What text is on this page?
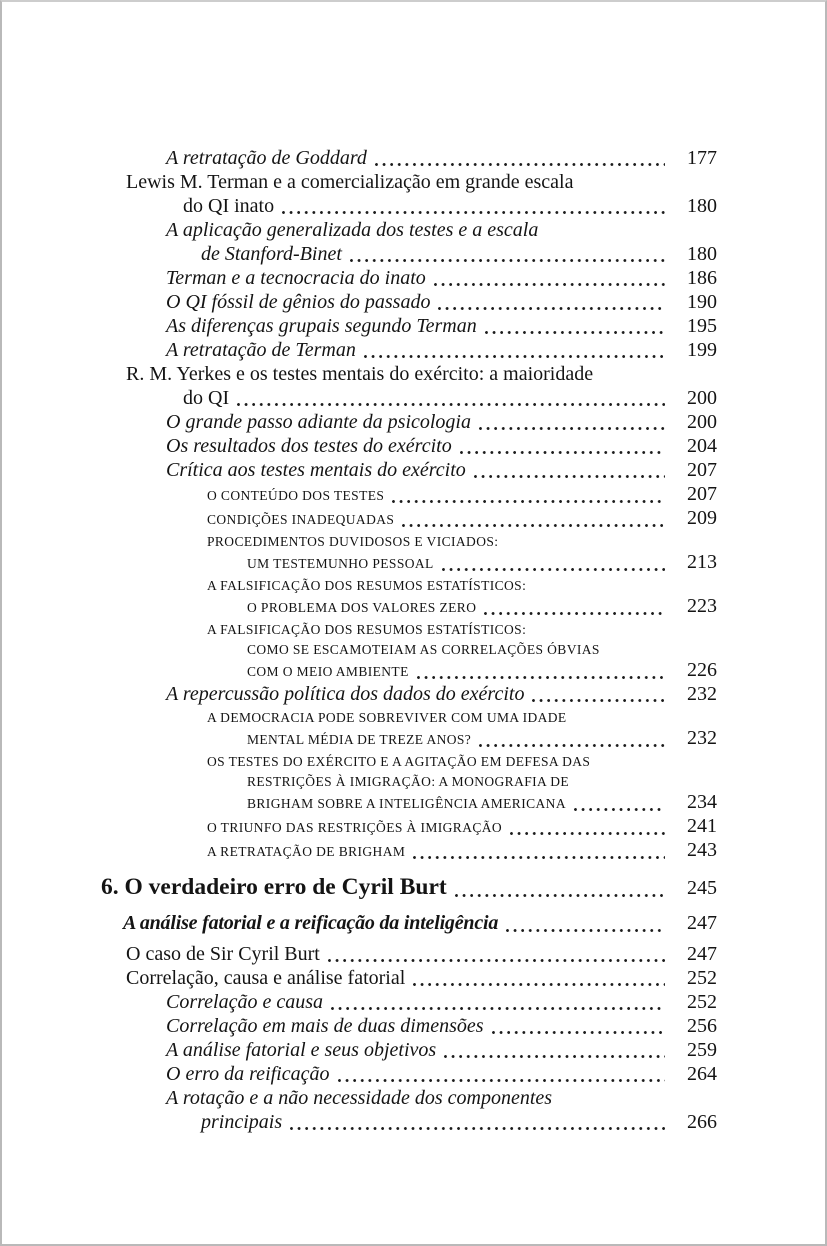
A retratação de Goddard	177
Lewis M. Terman e a comercialização em grande escala
do QI inato	180
A aplicação generalizada dos testes e a escala
de Stanford-Binet	180
Terman e a tecnocracia do inato	186
O QI fóssil de gênios do passado	190
As diferenças grupais segundo Terman	195
A retratação de Terman	199
R. M. Yerkes e os testes mentais do exército: a maioridade
do QI	200
O grande passo adiante da psicologia	200
Os resultados dos testes do exército	204
Crítica aos testes mentais do exército	207
O CONTEÚDO DOS TESTES	207
CONDIÇÕES INADEQUADAS	209
PROCEDIMENTOS DUVIDOSOS E VICIADOS:
UM TESTEMUNHO PESSOAL	213
A FALSIFICAÇÃO DOS RESUMOS ESTATÍSTICOS:
O PROBLEMA DOS VALORES ZERO	223
A FALSIFICAÇÃO DOS RESUMOS ESTATÍSTICOS:
COMO SE ESCAMOTEIAM AS CORRELAÇÕES ÓBVIAS
COM O MEIO AMBIENTE	226
A repercussão política dos dados do exército	232
A DEMOCRACIA PODE SOBREVIVER COM UMA IDADE
MENTAL MÉDIA DE TREZE ANOS?	232
OS TESTES DO EXÉRCITO E A AGITAÇÃO EM DEFESA DAS
RESTRIÇÕES À IMIGRAÇÃO: A MONOGRAFIA DE
BRIGHAM SOBRE A INTELIGÊNCIA AMERICANA	234
O TRIUNFO DAS RESTRIÇÕES À IMIGRAÇÃO	241
A RETRATAÇÃO DE BRIGHAM	243
6. O verdadeiro erro de Cyril Burt	245
A análise fatorial e a reificação da inteligência	247
O caso de Sir Cyril Burt	247
Correlação, causa e análise fatorial	252
Correlação e causa	252
Correlação em mais de duas dimensões	256
A análise fatorial e seus objetivos	259
O erro da reificação	264
A rotação e a não necessidade dos componentes
principais	266
